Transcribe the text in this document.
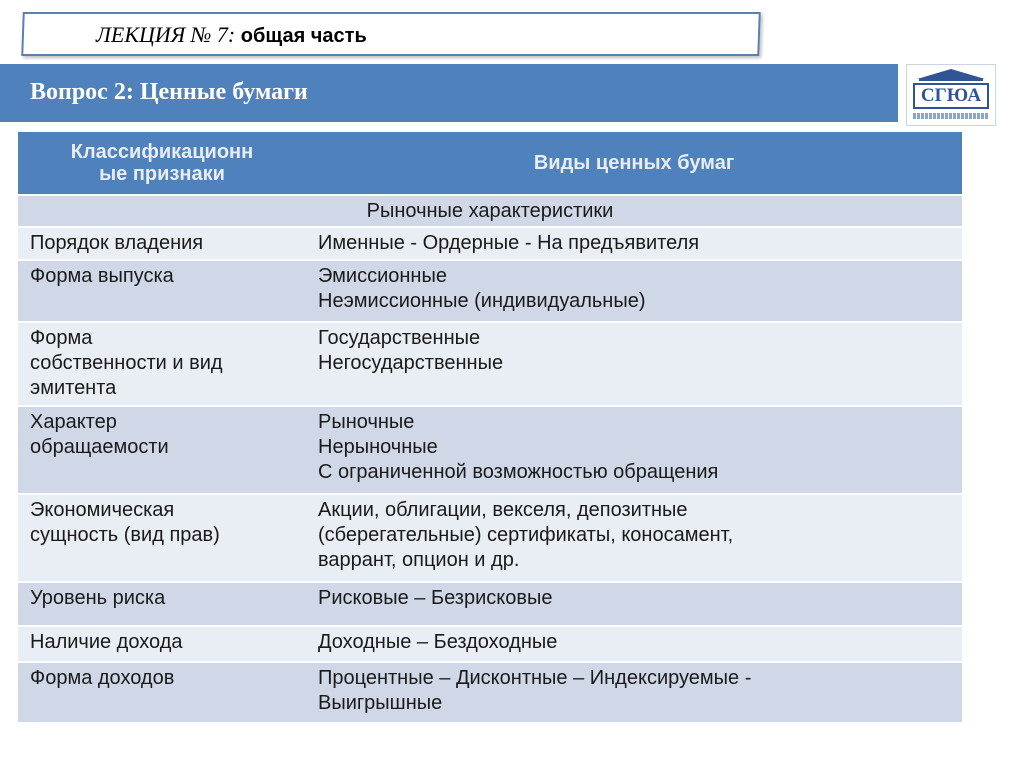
ЛЕКЦИЯ № 7: общая часть
Вопрос 2: Ценные бумаги	СГЮА
Классификационн
ые признаки	Виды ценных бумаг

Рыночные характеристики	

Порядок владения	Именные - Ордерные - На предъявителя

Форма выпуска	Эмиссионные
Неэмиссионные (индивидуальные)

Форма
собственности и вид
эмитента	Государственные
Негосударственные

Характер
обращаемости	Рыночные
Нерыночные
С ограниченной возможностью обращения

Экономическая
сущность (вид прав)	Акции, облигации, векселя, депозитные
(сберегательные) сертификаты, коносамент,
варрант, опцион и др.

Уровень риска	Рисковые – Безрисковые

Наличие дохода	Доходные – Бездоходные

Форма доходов	Процентные – Дисконтные – Индексируемые -
Выигрышные
